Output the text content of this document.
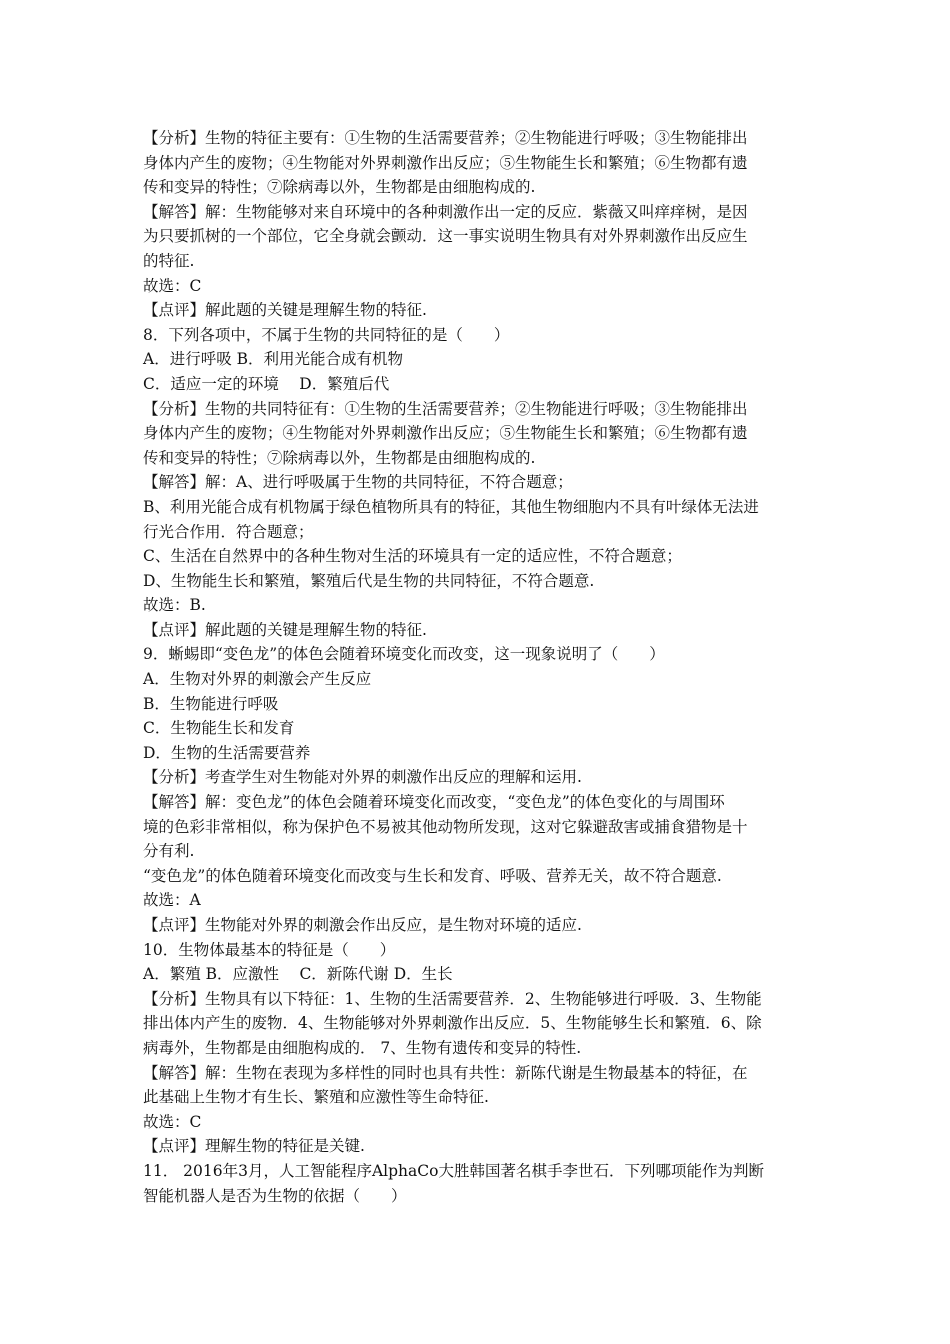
【分析】生物的特征主要有：①生物的生活需要营养；②生物能进行呼吸；③生物能排出
身体内产生的废物；④生物能对外界刺激作出反应；⑤生物能生长和繁殖；⑥生物都有遗
传和变异的特性；⑦除病毒以外，生物都是由细胞构成的.
【解答】解：生物能够对来自环境中的各种刺激作出一定的反应．紫薇又叫痒痒树，是因
为只要抓树的一个部位，它全身就会颤动．这一事实说明生物具有对外界刺激作出反应生
的特征.
故选：C
【点评】解此题的关键是理解生物的特征.
8．下列各项中，不属于生物的共同特征的是（　　）
A．进行呼吸 B．利用光能合成有机物
C．适应一定的环境　 D．繁殖后代
【分析】生物的共同特征有：①生物的生活需要营养；②生物能进行呼吸；③生物能排出
身体内产生的废物；④生物能对外界刺激作出反应；⑤生物能生长和繁殖；⑥生物都有遗
传和变异的特性；⑦除病毒以外，生物都是由细胞构成的.
【解答】解：A、进行呼吸属于生物的共同特征，不符合题意；
B、利用光能合成有机物属于绿色植物所具有的特征，其他生物细胞内不具有叶绿体无法进
行光合作用．符合题意；
C、生活在自然界中的各种生物对生活的环境具有一定的适应性，不符合题意；
D、生物能生长和繁殖，繁殖后代是生物的共同特征，不符合题意.
故选：B.
【点评】解此题的关键是理解生物的特征.
9．蜥蜴即“变色龙”的体色会随着环境变化而改变，这一现象说明了（　　）
A．生物对外界的刺激会产生反应
B．生物能进行呼吸
C．生物能生长和发育
D．生物的生活需要营养
【分析】考查学生对生物能对外界的刺激作出反应的理解和运用.
【解答】解：变色龙”的体色会随着环境变化而改变，“变色龙”的体色变化的与周围环
境的色彩非常相似，称为保护色不易被其他动物所发现，这对它躲避敌害或捕食猎物是十
分有利.
“变色龙”的体色随着环境变化而改变与生长和发育、呼吸、营养无关，故不符合题意.
故选：A
【点评】生物能对外界的刺激会作出反应，是生物对环境的适应.
10．生物体最基本的特征是（　　）
A．繁殖 B．应激性　 C．新陈代谢 D．生长
【分析】生物具有以下特征：1、生物的生活需要营养．2、生物能够进行呼吸．3、生物能
排出体内产生的废物．4、生物能够对外界刺激作出反应．5、生物能够生长和繁殖．6、除
病毒外，生物都是由细胞构成的． 7、生物有遗传和变异的特性.
【解答】解：生物在表现为多样性的同时也具有共性：新陈代谢是生物最基本的特征，在
此基础上生物才有生长、繁殖和应激性等生命特征.
故选：C
【点评】理解生物的特征是关键.
11． 2016年3月，人工智能程序AlphaCo大胜韩国著名棋手李世石．下列哪项能作为判断
智能机器人是否为生物的依据（　　）
